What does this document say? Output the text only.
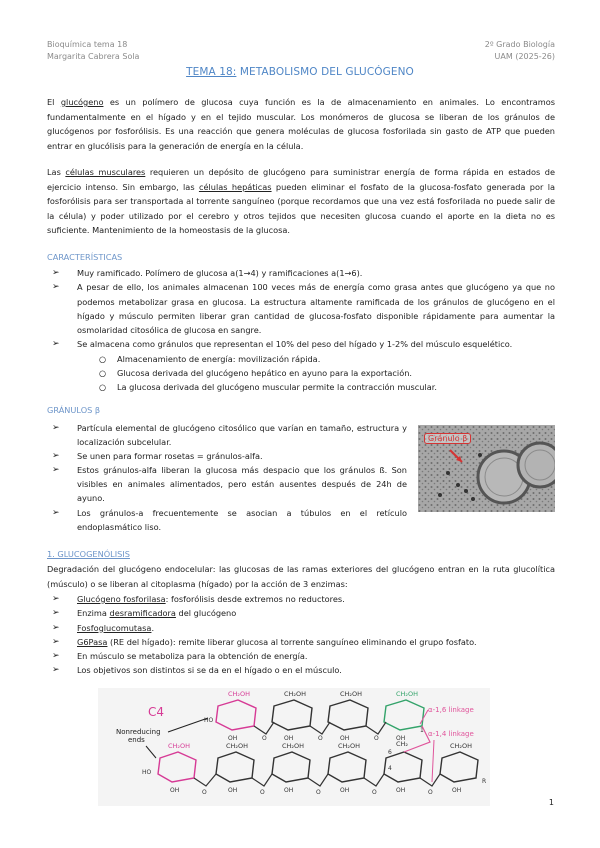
Bioquímica tema 18
Margarita Cabrera Sola
2º Grado Biología
UAM (2025-26)
TEMA 18: METABOLISMO DEL GLUCÓGENO
El glucógeno es un polímero de glucosa cuya función es la de almacenamiento en animales. Lo encontramos fundamentalmente en el hígado y en el tejido muscular. Los monómeros de glucosa se liberan de los gránulos de glucógenos por fosforólisis. Es una reacción que genera moléculas de glucosa fosforilada sin gasto de ATP que pueden entrar en glucólisis para la generación de energía en la célula.
Las células musculares requieren un depósito de glucógeno para suministrar energía de forma rápida en estados de ejercicio intenso. Sin embargo, las células hepáticas pueden eliminar el fosfato de la glucosa-fosfato generada por la fosforólisis para ser transportada al torrente sanguíneo (porque recordamos que una vez está fosforilada no puede salir de la célula) y poder utilizado por el cerebro y otros tejidos que necesiten glucosa cuando el aporte en la dieta no es suficiente. Mantenimiento de la homeostasis de la glucosa.
CARACTERÍSTICAS
➢ Muy ramificado. Polímero de glucosa a(1→4) y ramificaciones a(1→6).
➢ A pesar de ello, los animales almacenan 100 veces más de energía como grasa antes que glucógeno ya que no podemos metabolizar grasa en glucosa. La estructura altamente ramificada de los gránulos de glucógeno en el hígado y músculo permiten liberar gran cantidad de glucosa-fosfato disponible rápidamente para aumentar la osmolaridad citosólica de glucosa en sangre.
➢ Se almacena como gránulos que representan el 10% del peso del hígado y 1-2% del músculo esquelético.
○ Almacenamiento de energía: movilización rápida.
○ Glucosa derivada del glucógeno hepático en ayuno para la exportación.
○ La glucosa derivada del glucógeno muscular permite la contracción muscular.
GRÁNULOS β
➢ Partícula elemental de glucógeno citosólico que varían en tamaño, estructura y localización subcelular.
➢ Se unen para formar rosetas = gránulos-alfa.
➢ Estos gránulos-alfa liberan la glucosa más despacio que los gránulos ß. Son visibles en animales alimentados, pero están ausentes después de 24h de ayuno.
➢ Los gránulos-a frecuentemente se asocian a túbulos en el retículo endoplasmático liso.
Gránulo β
1. GLUCOGENÓLISIS
Degradación del glucógeno endocelular: las glucosas de las ramas exteriores del glucógeno entran en la ruta glucolítica (músculo) o se liberan al citoplasma (hígado) por la acción de 3 enzimas:
➢ Glucógeno fosforilasa: fosforólisis desde extremos no reductores.
➢ Enzima desramificadora del glucógeno
➢ Fosfoglucomutasa.
➢ G6Pasa (RE del hígado): remite liberar glucosa al torrente sanguíneo eliminando el grupo fosfato.
➢ En músculo se metaboliza para la obtención de energía.
➢ Los objetivos son distintos si se da en el hígado o en el músculo.
CH₂OH	CH₂OH	CH₂OH	CH₂OH
CH₂OH	CH₂OH	CH₂OH	CH₂OH	CH₂OH
CH₂
O	O	O
O	O	O	O	O
OH	OH	OH	OH
OH	OH	OH	OH	OH	OH
HO
HO
R
1
6
4
C4
Nonreducing
ends
α-1,6 linkage
α-1,4 linkage
1
